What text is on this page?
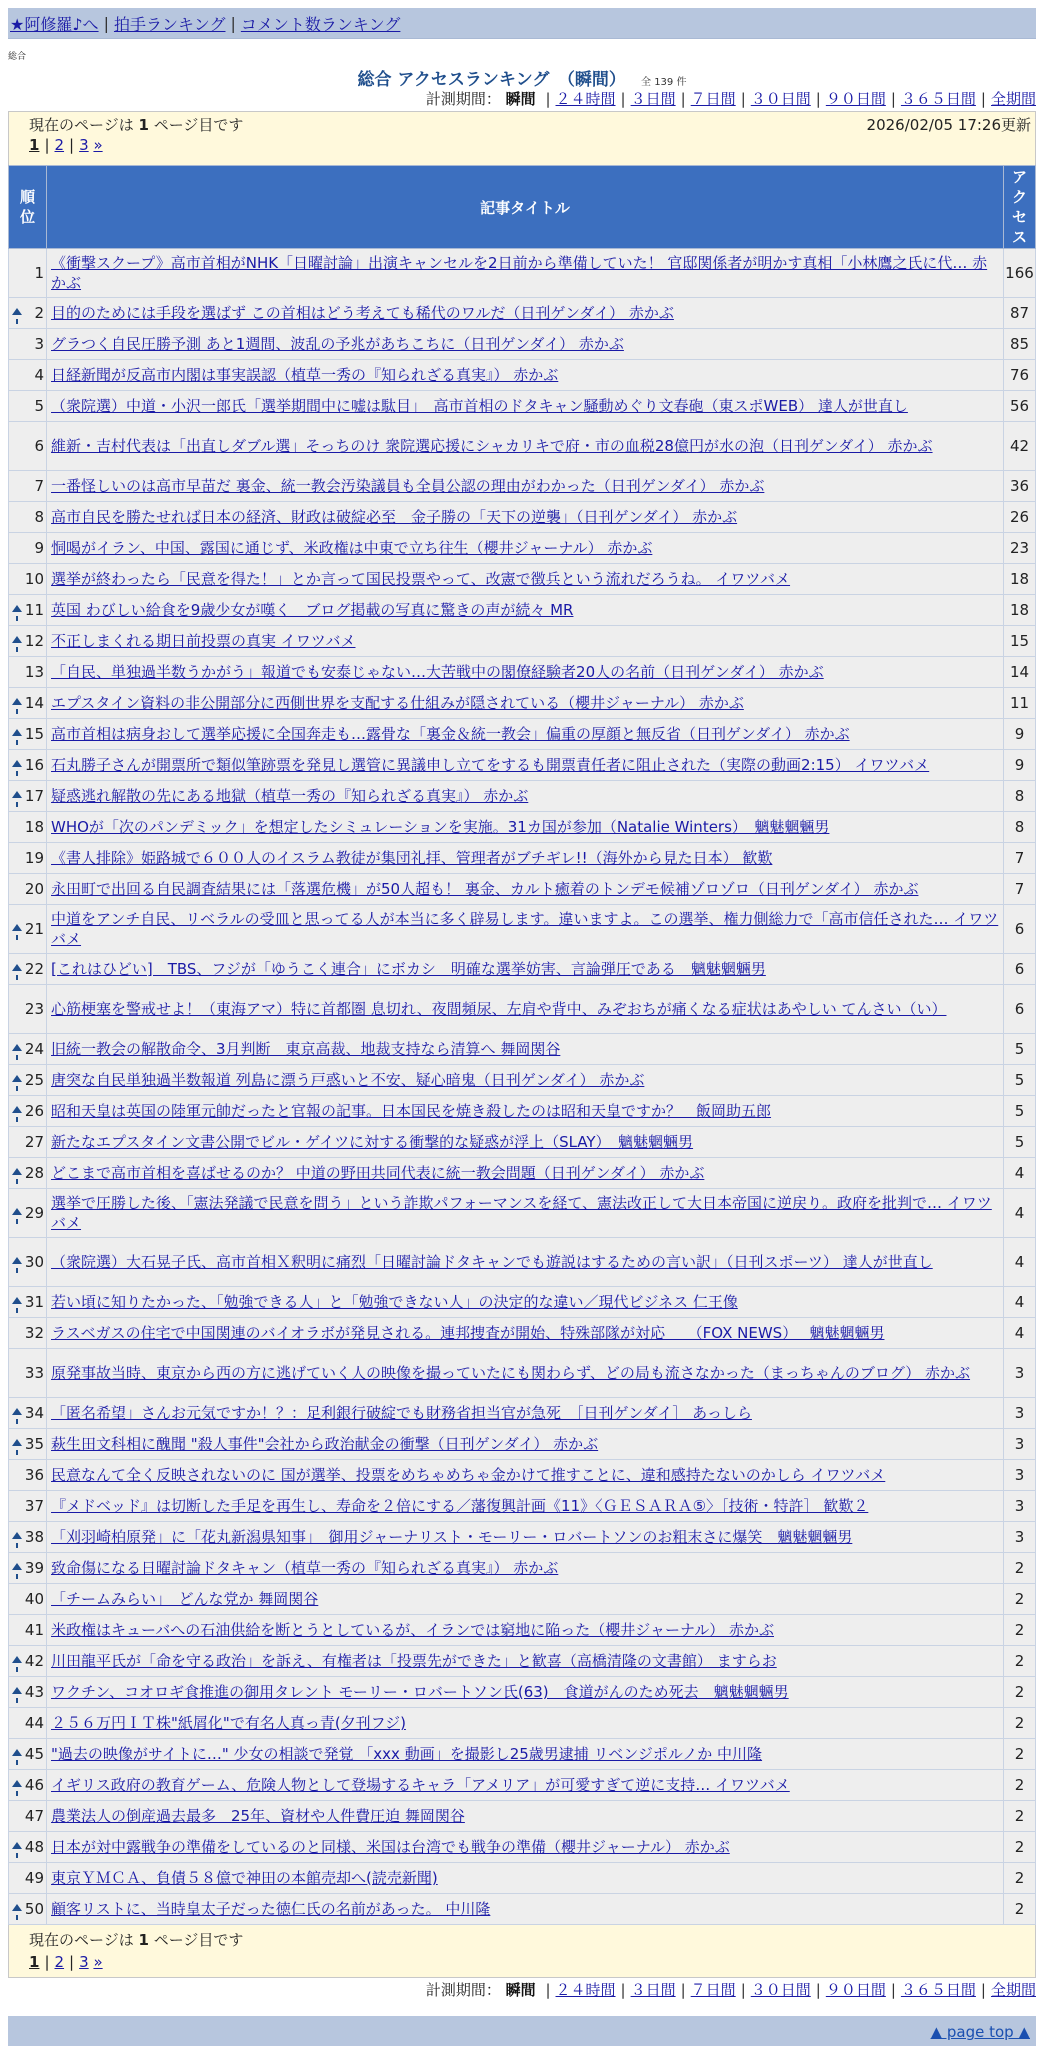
★阿修羅♪へ | 拍手ランキング | コメント数ランキング
総合
総合 アクセスランキング　（瞬間） 全 139 件
計測期間： 瞬間 | ２４時間 | ３日間 | ７日間 | ３０日間 | ９０日間 | ３６５日間 | 全期間
現在のページは 1 ページ目です	2026/02/05 17:26更新
1 | 2 | 3 »
順位		記事タイトル	アクセス
	1	《衝撃スクープ》高市首相がNHK「日曜討論」出演キャンセルを2日前から準備していた！ 官邸関係者が明かす真相「小林鷹之氏に代… 赤かぶ	166

	2	目的のためには手段を選ばず この首相はどう考えても稀代のワルだ（日刊ゲンダイ） 赤かぶ	87
	3	グラつく自民圧勝予測 あと1週間、波乱の予兆があちこちに（日刊ゲンダイ） 赤かぶ	85
	4	日経新聞が反高市内閣は事実誤認（植草一秀の『知られざる真実』） 赤かぶ	76
	5	（衆院選）中道・小沢一郎氏「選挙期間中に嘘は駄目」　高市首相のドタキャン騒動めぐり文春砲（東スポWEB） 達人が世直し	56
	6	維新・吉村代表は「出直しダブル選」そっちのけ 衆院選応援にシャカリキで府・市の血税28億円が水の泡（日刊ゲンダイ） 赤かぶ	42
	7	一番怪しいのは高市早苗だ 裏金、統一教会汚染議員も全員公認の理由がわかった（日刊ゲンダイ） 赤かぶ	36
	8	高市自民を勝たせれば日本の経済、財政は破綻必至　金子勝の「天下の逆襲」（日刊ゲンダイ） 赤かぶ	26
	9	恫喝がイラン、中国、露国に通じず、米政権は中東で立ち往生（櫻井ジャーナル） 赤かぶ	23
	10	選挙が終わったら「民意を得た！」とか言って国民投票やって、改憲で徴兵という流れだろうね。 イワツバメ	18

	11	英国 わびしい給食を9歳少女が嘆く　ブログ掲載の写真に驚きの声が続々 MR	18

	12	不正しまくれる期日前投票の真実 イワツバメ	15
	13	「自民、単独過半数うかがう」報道でも安泰じゃない…大苦戦中の閣僚経験者20人の名前（日刊ゲンダイ） 赤かぶ	14

	14	エプスタイン資料の非公開部分に西側世界を支配する仕組みが隠されている（櫻井ジャーナル） 赤かぶ	11

	15	高市首相は病身おして選挙応援に全国奔走も…露骨な「裏金＆統一教会」偏重の厚顔と無反省（日刊ゲンダイ） 赤かぶ	9

	16	石丸勝子さんが開票所で類似筆跡票を発見し選管に異議申し立てをするも開票責任者に阻止された（実際の動画2:15） イワツバメ	9

	17	疑惑逃れ解散の先にある地獄（植草一秀の『知られざる真実』） 赤かぶ	8
	18	WHOが「次のパンデミック」を想定したシミュレーションを実施。31カ国が参加（Natalie Winters）　魑魅魍魎男	8
	19	《書人排除》姫路城で６００人のイスラム教徒が集団礼拝、管理者がブチギレ!!（海外から見た日本） 歓歎	7
	20	永田町で出回る自民調査結果には「落選危機」が50人超も！ 裏金、カルト癒着のトンデモ候補ゾロゾロ（日刊ゲンダイ） 赤かぶ	7

	21	中道をアンチ自民、リベラルの受皿と思ってる人が本当に多く辟易します。違いますよ。この選挙、権力側総力で「高市信任された… イワツバメ	6

	22	[これはひどい]　TBS、フジが「ゆうこく連合」にボカシ　明確な選挙妨害、言論弾圧である　魑魅魍魎男	6
	23	心筋梗塞を警戒せよ！（東海アマ）特に首都圏 息切れ、夜間頻尿、左肩や背中、みぞおちが痛くなる症状はあやしい てんさい（い）	6

	24	旧統一教会の解散命令、3月判断　東京高裁、地裁支持なら清算へ 舞岡関谷	5

	25	唐突な自民単独過半数報道 列島に漂う戸惑いと不安、疑心暗鬼（日刊ゲンダイ） 赤かぶ	5

	26	昭和天皇は英国の陸軍元帥だったと官報の記事。日本国民を焼き殺したのは昭和天皇ですか？　飯岡助五郎	5
	27	新たなエプスタイン文書公開でビル・ゲイツに対する衝撃的な疑惑が浮上（SLAY）　魑魅魍魎男	5

	28	どこまで高市首相を喜ばせるのか？ 中道の野田共同代表に統一教会問題（日刊ゲンダイ） 赤かぶ	4

	29	選挙で圧勝した後、「憲法発議で民意を問う」という詐欺パフォーマンスを経て、憲法改正して大日本帝国に逆戻り。政府を批判で… イワツバメ	4

	30	（衆院選）大石晃子氏、高市首相Ｘ釈明に痛烈「日曜討論ドタキャンでも遊説はするための言い訳」（日刊スポーツ） 達人が世直し	4

	31	若い頃に知りたかった、「勉強できる人」と「勉強できない人」の決定的な違い／現代ビジネス 仁王像	4
	32	ラスベガスの住宅で中国関連のバイオラボが発見される。連邦捜査が開始、特殊部隊が対応　　（FOX NEWS）　 魑魅魍魎男	4
	33	原発事故当時、東京から西の方に逃げていく人の映像を撮っていたにも関わらず、どの局も流さなかった（まっちゃんのブログ） 赤かぶ	3

	34	「匿名希望」さんお元気ですか！？：足利銀行破綻でも財務省担当官が急死　［日刊ゲンダイ］ あっしら	3

	35	萩生田文科相に醜聞 "殺人事件"会社から政治献金の衝撃（日刊ゲンダイ） 赤かぶ	3
	36	民意なんて全く反映されないのに 国が選挙、投票をめちゃめちゃ金かけて推すことに、違和感持たないのかしら イワツバメ	3
	37	『メドベッド』は切断した手足を再生し、寿命を２倍にする／藩復興計画《11》〈ＧＥＳＡＲＡ⑤〉［技術・特許］ 歓歎２	3

	38	「刈羽崎柏原発」に「花丸新潟県知事」　御用ジャーナリスト・モーリー・ロバートソンのお粗末さに爆笑　魑魅魍魎男	3

	39	致命傷になる日曜討論ドタキャン（植草一秀の『知られざる真実』） 赤かぶ	2
	40	「チームみらい」　どんな党か 舞岡関谷	2
	41	米政権はキューバへの石油供給を断とうとしているが、イランでは窮地に陥った（櫻井ジャーナル） 赤かぶ	2

	42	川田龍平氏が「命を守る政治」を訴え、有権者は「投票先ができた」と歓喜（高橋清隆の文書館） ますらお	2

	43	ワクチン、コオロギ食推進の御用タレント モーリー・ロバートソン氏(63)　食道がんのため死去　魑魅魍魎男	2
	44	２５６万円ＩＴ株"紙屑化"で有名人真っ青(夕刊フジ)	2

	45	"過去の映像がサイトに…" 少女の相談で発覚 「xxx 動画」を撮影し25歳男逮捕 リベンジポルノか 中川隆	2

	46	イギリス政府の教育ゲーム、危険人物として登場するキャラ「アメリア」が可愛すぎて逆に支持… イワツバメ	2
	47	農業法人の倒産過去最多　25年、資材や人件費圧迫 舞岡関谷	2

	48	日本が対中露戦争の準備をしているのと同様、米国は台湾でも戦争の準備（櫻井ジャーナル） 赤かぶ	2
	49	東京ＹＭＣＡ、負債５８億で神田の本館売却へ(読売新聞)	2

	50	顧客リストに、当時皇太子だった徳仁氏の名前があった。 中川隆	2
現在のページは 1 ページ目です
1 | 2 | 3 »
計測期間： 瞬間 | ２４時間 | ３日間 | ７日間 | ３０日間 | ９０日間 | ３６５日間 | 全期間
▲ page top ▲
